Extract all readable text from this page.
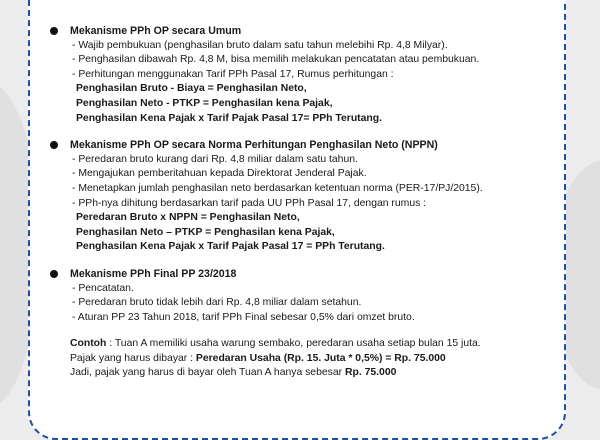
Mekanisme PPh OP secara Umum
- Wajib pembukuan (penghasilan bruto dalam satu tahun melebihi Rp. 4,8 Milyar).
- Penghasilan dibawah Rp. 4,8 M, bisa memilih melakukan pencatatan atau pembukuan.
- Perhitungan menggunakan Tarif PPh Pasal 17, Rumus perhitungan :
Penghasilan Bruto - Biaya = Penghasilan Neto,
Penghasilan Neto - PTKP = Penghasilan kena Pajak,
Penghasilan Kena Pajak x Tarif Pajak Pasal 17= PPh Terutang.
Mekanisme PPh OP secara Norma Perhitungan Penghasilan Neto (NPPN)
- Peredaran bruto kurang dari Rp. 4,8 miliar dalam satu tahun.
- Mengajukan pemberitahuan kepada Direktorat Jenderal Pajak.
- Menetapkan jumlah penghasilan neto berdasarkan ketentuan norma (PER-17/PJ/2015).
- PPh-nya dihitung berdasarkan tarif pada UU PPh Pasal 17, dengan rumus :
Peredaran Bruto x NPPN = Penghasilan Neto,
Penghasilan Neto – PTKP = Penghasilan kena Pajak,
Penghasilan Kena Pajak x Tarif Pajak Pasal 17 = PPh Terutang.
Mekanisme PPh Final PP 23/2018
- Pencatatan.
- Peredaran bruto tidak lebih dari Rp. 4,8 miliar dalam setahun.
- Aturan PP 23 Tahun 2018, tarif PPh Final sebesar 0,5% dari omzet bruto.
Contoh : Tuan A memiliki usaha warung sembako, peredaran usaha setiap bulan 15 juta.
Pajak yang harus dibayar : Peredaran Usaha (Rp. 15. Juta * 0,5%) = Rp. 75.000
Jadi, pajak yang harus di bayar oleh Tuan A hanya sebesar Rp. 75.000
